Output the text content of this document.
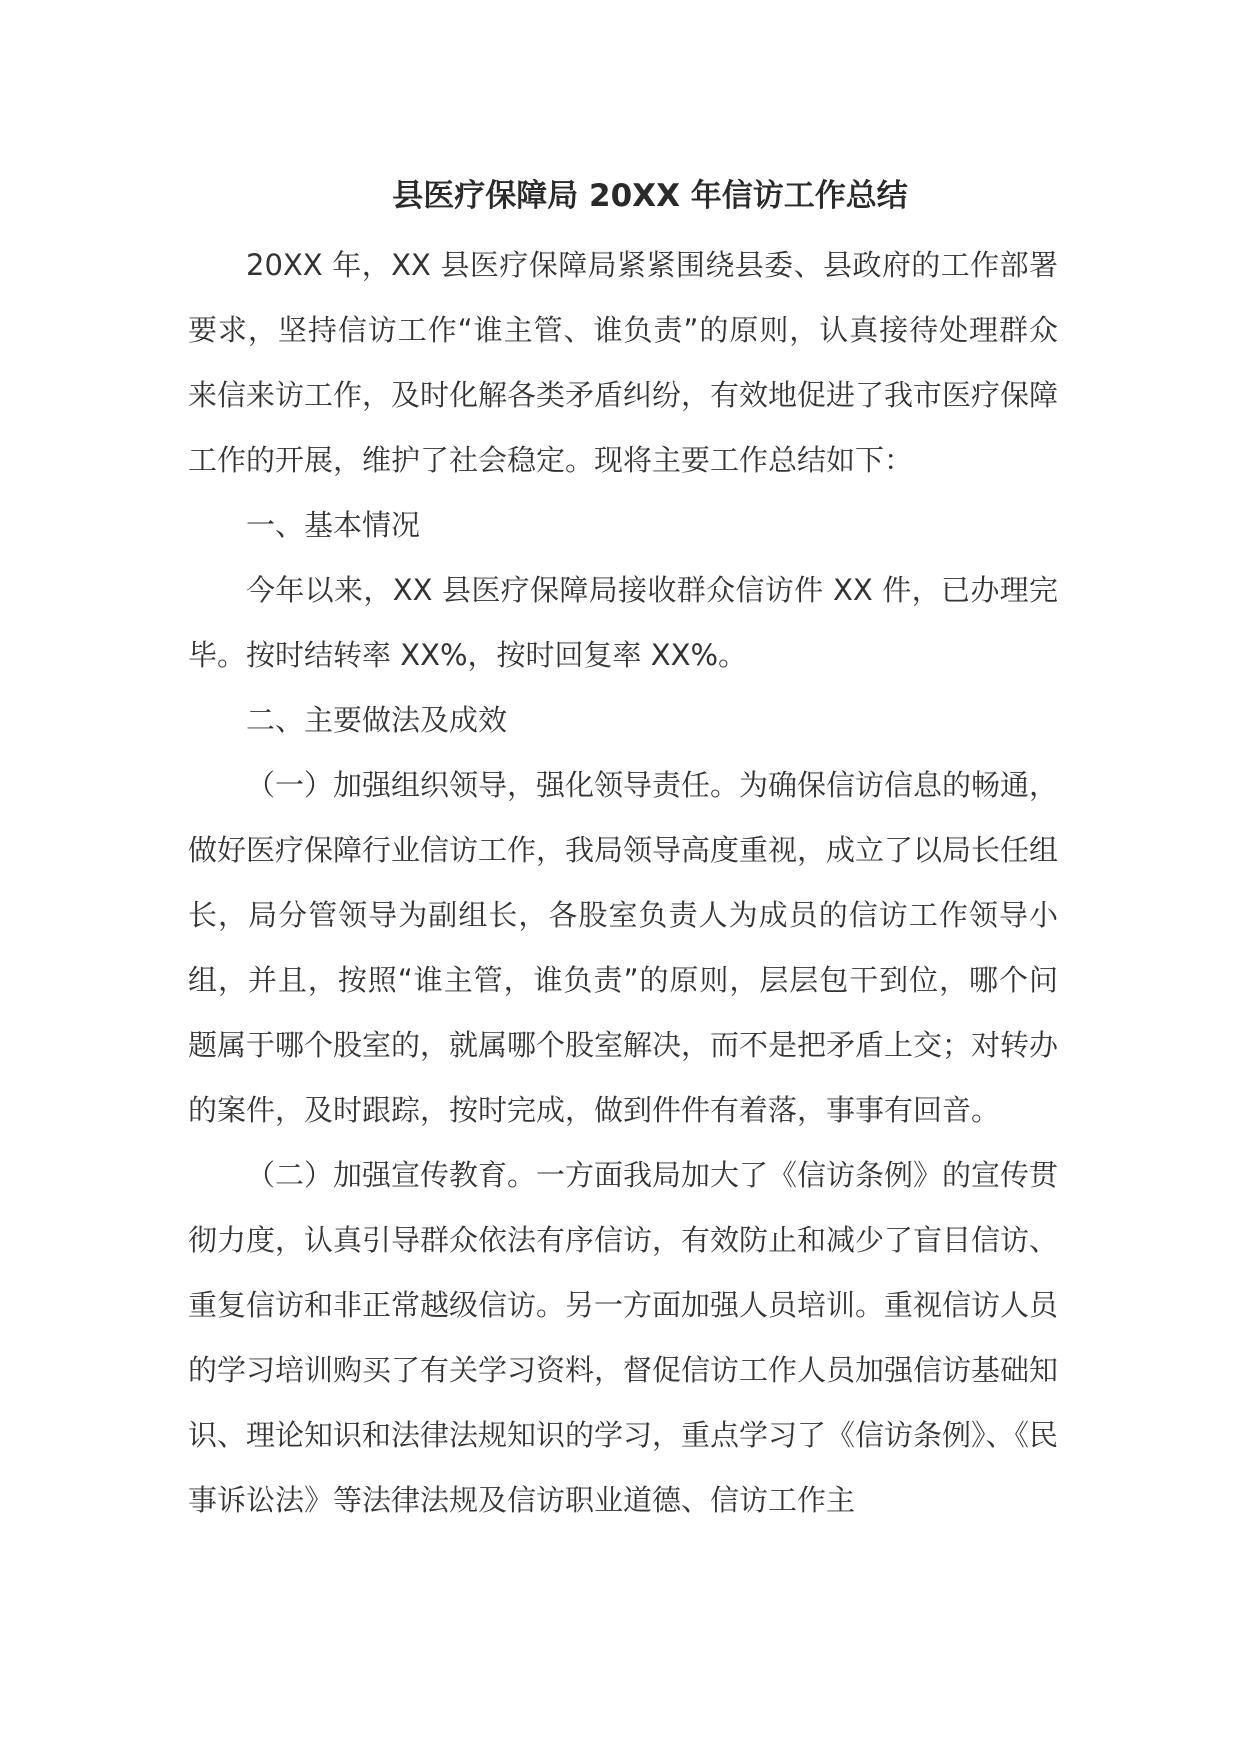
县医疗保障局 20XX 年信访工作总结

20XX 年，XX 县医疗保障局紧紧围绕县委、县政府的工作部署要求，坚持信访工作“谁主管、谁负责”的原则，认真接待处理群众来信来访工作，及时化解各类矛盾纠纷，有效地促进了我市医疗保障工作的开展，维护了社会稳定。现将主要工作总结如下：

一、基本情况

今年以来，XX 县医疗保障局接收群众信访件 XX 件，已办理完毕。按时结转率 XX%，按时回复率 XX%。

二、主要做法及成效

（一）加强组织领导，强化领导责任。为确保信访信息的畅通，做好医疗保障行业信访工作，我局领导高度重视，成立了以局长任组长，局分管领导为副组长，各股室负责人为成员的信访工作领导小组，并且，按照“谁主管，谁负责”的原则，层层包干到位，哪个问题属于哪个股室的，就属哪个股室解决，而不是把矛盾上交；对转办的案件，及时跟踪，按时完成，做到件件有着落，事事有回音。

（二）加强宣传教育。一方面我局加大了《信访条例》的宣传贯彻力度，认真引导群众依法有序信访，有效防止和减少了盲目信访、重复信访和非正常越级信访。另一方面加强人员培训。重视信访人员的学习培训购买了有关学习资料，督促信访工作人员加强信访基础知识、理论知识和法律法规知识的学习，重点学习了《信访条例》、《民事诉讼法》等法律法规及信访职业道德、信访工作主
